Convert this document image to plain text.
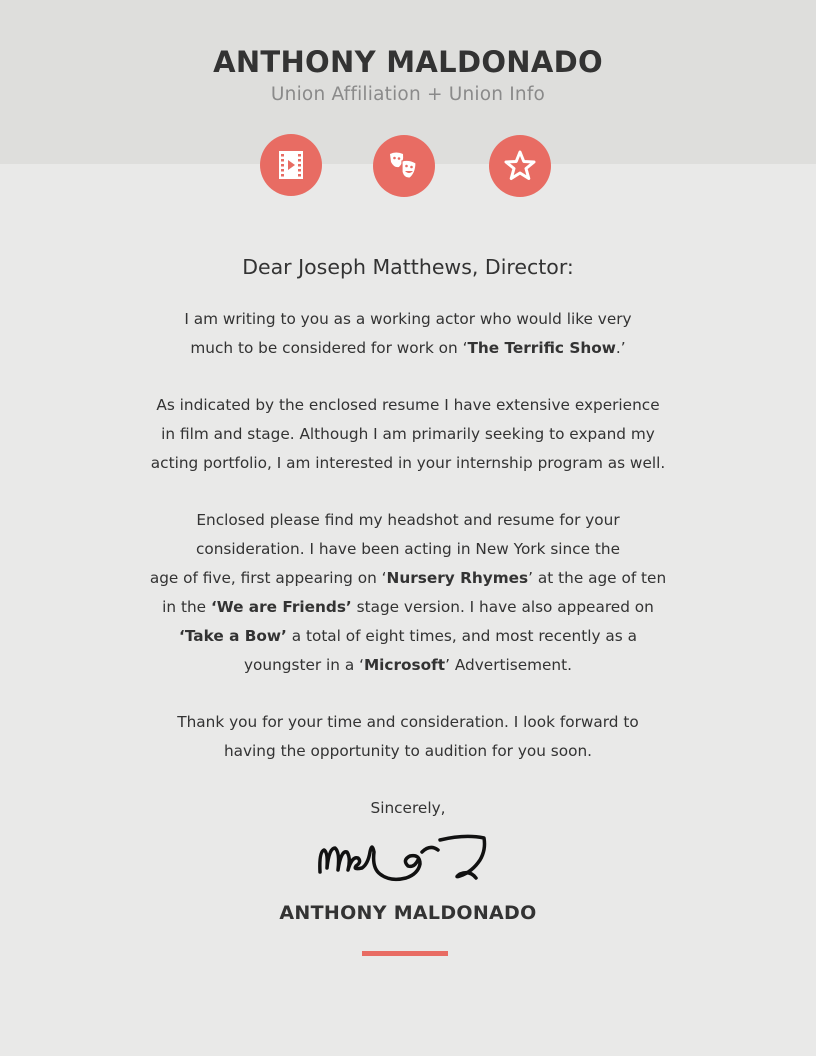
ANTHONY MALDONADO
Union Affiliation + Union Info
Dear Joseph Matthews, Director:
I am writing to you as a working actor who would like very
much to be considered for work on ‘The Terrific Show.’
As indicated by the enclosed resume I have extensive experience
in film and stage. Although I am primarily seeking to expand my
acting portfolio, I am interested in your internship program as well.
Enclosed please find my headshot and resume for your
consideration. I have been acting in New York since the
age of five, first appearing on ‘Nursery Rhymes’ at the age of ten
in the ‘We are Friends’ stage version. I have also appeared on
‘Take a Bow’ a total of eight times, and most recently as a
youngster in a ‘Microsoft’ Advertisement.
Thank you for your time and consideration. I look forward to
having the opportunity to audition for you soon.
Sincerely,
ANTHONY MALDONADO
